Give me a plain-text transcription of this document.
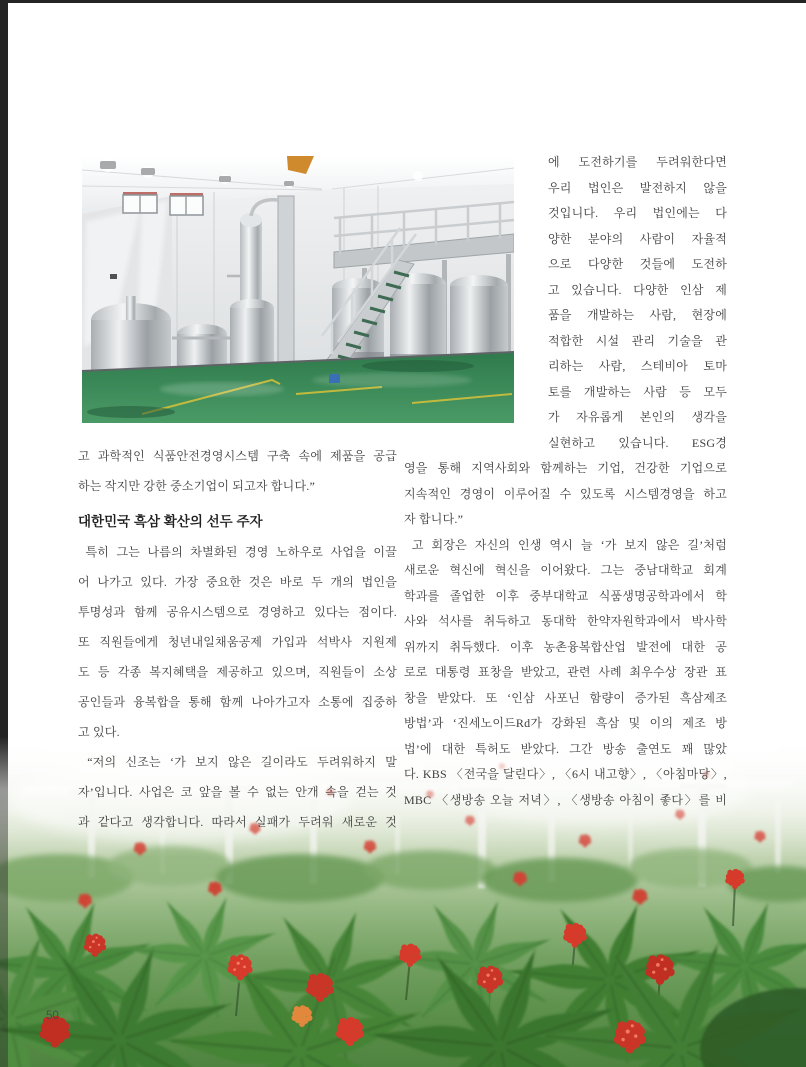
고 과학적인 식품안전경영시스템 구축 속에 제품을 공급
하는 작지만 강한 중소기업이 되고자 합니다.”
대한민국 흑삼 확산의 선두 주자
특히 그는 나름의 차별화된 경영 노하우로 사업을 이끌
어 나가고 있다. 가장 중요한 것은 바로 두 개의 법인을
투명성과 함께 공유시스템으로 경영하고 있다는 점이다.
또 직원들에게 청년내일채움공제 가입과 석박사 지원제
도 등 각종 복지혜택을 제공하고 있으며, 직원들이 소상
공인들과 융복합을 통해 함께 나아가고자 소통에 집중하
고 있다.
“저의 신조는 ‘가 보지 않은 길이라도 두려워하지 말
자’입니다. 사업은 코 앞을 볼 수 없는 안개 속을 걷는 것
과 같다고 생각합니다. 따라서 실패가 두려워 새로운 것
에 도전하기를 두려워한다면
우리 법인은 발전하지 않을
것입니다. 우리 법인에는 다
양한 분야의 사람이 자율적
으로 다양한 것들에 도전하
고 있습니다. 다양한 인삼 제
품을 개발하는 사람, 현장에
적합한 시설 관리 기술을 관
리하는 사람, 스테비아 토마
토를 개발하는 사람 등 모두
가 자유롭게 본인의 생각을
실현하고 있습니다. ESG경
영을 통해 지역사회와 함께하는 기업, 건강한 기업으로
지속적인 경영이 이루어질 수 있도록 시스템경영을 하고
자 합니다.”
고 회장은 자신의 인생 역시 늘 ‘가 보지 않은 길’처럼
새로운 혁신에 혁신을 이어왔다. 그는 중남대학교 회계
학과를 졸업한 이후 중부대학교 식품생명공학과에서 학
사와 석사를 취득하고 동대학 한약자원학과에서 박사학
위까지 취득했다. 이후 농촌융복합산업 발전에 대한 공
로로 대통령 표창을 받았고, 관련 사례 최우수상 장관 표
창을 받았다. 또 ‘인삼 사포닌 함량이 증가된 흑삼제조
방법’과 ‘진세노이드Rd가 강화된 흑삼 및 이의 제조 방
법’에 대한 특허도 받았다. 그간 방송 출연도 꽤 많았
다. KBS 〈전국을 달린다〉, 〈6시 내고향〉, 〈아침마당〉,
MBC 〈생방송 오늘 저녁〉, 〈생방송 아침이 좋다〉를 비
50
